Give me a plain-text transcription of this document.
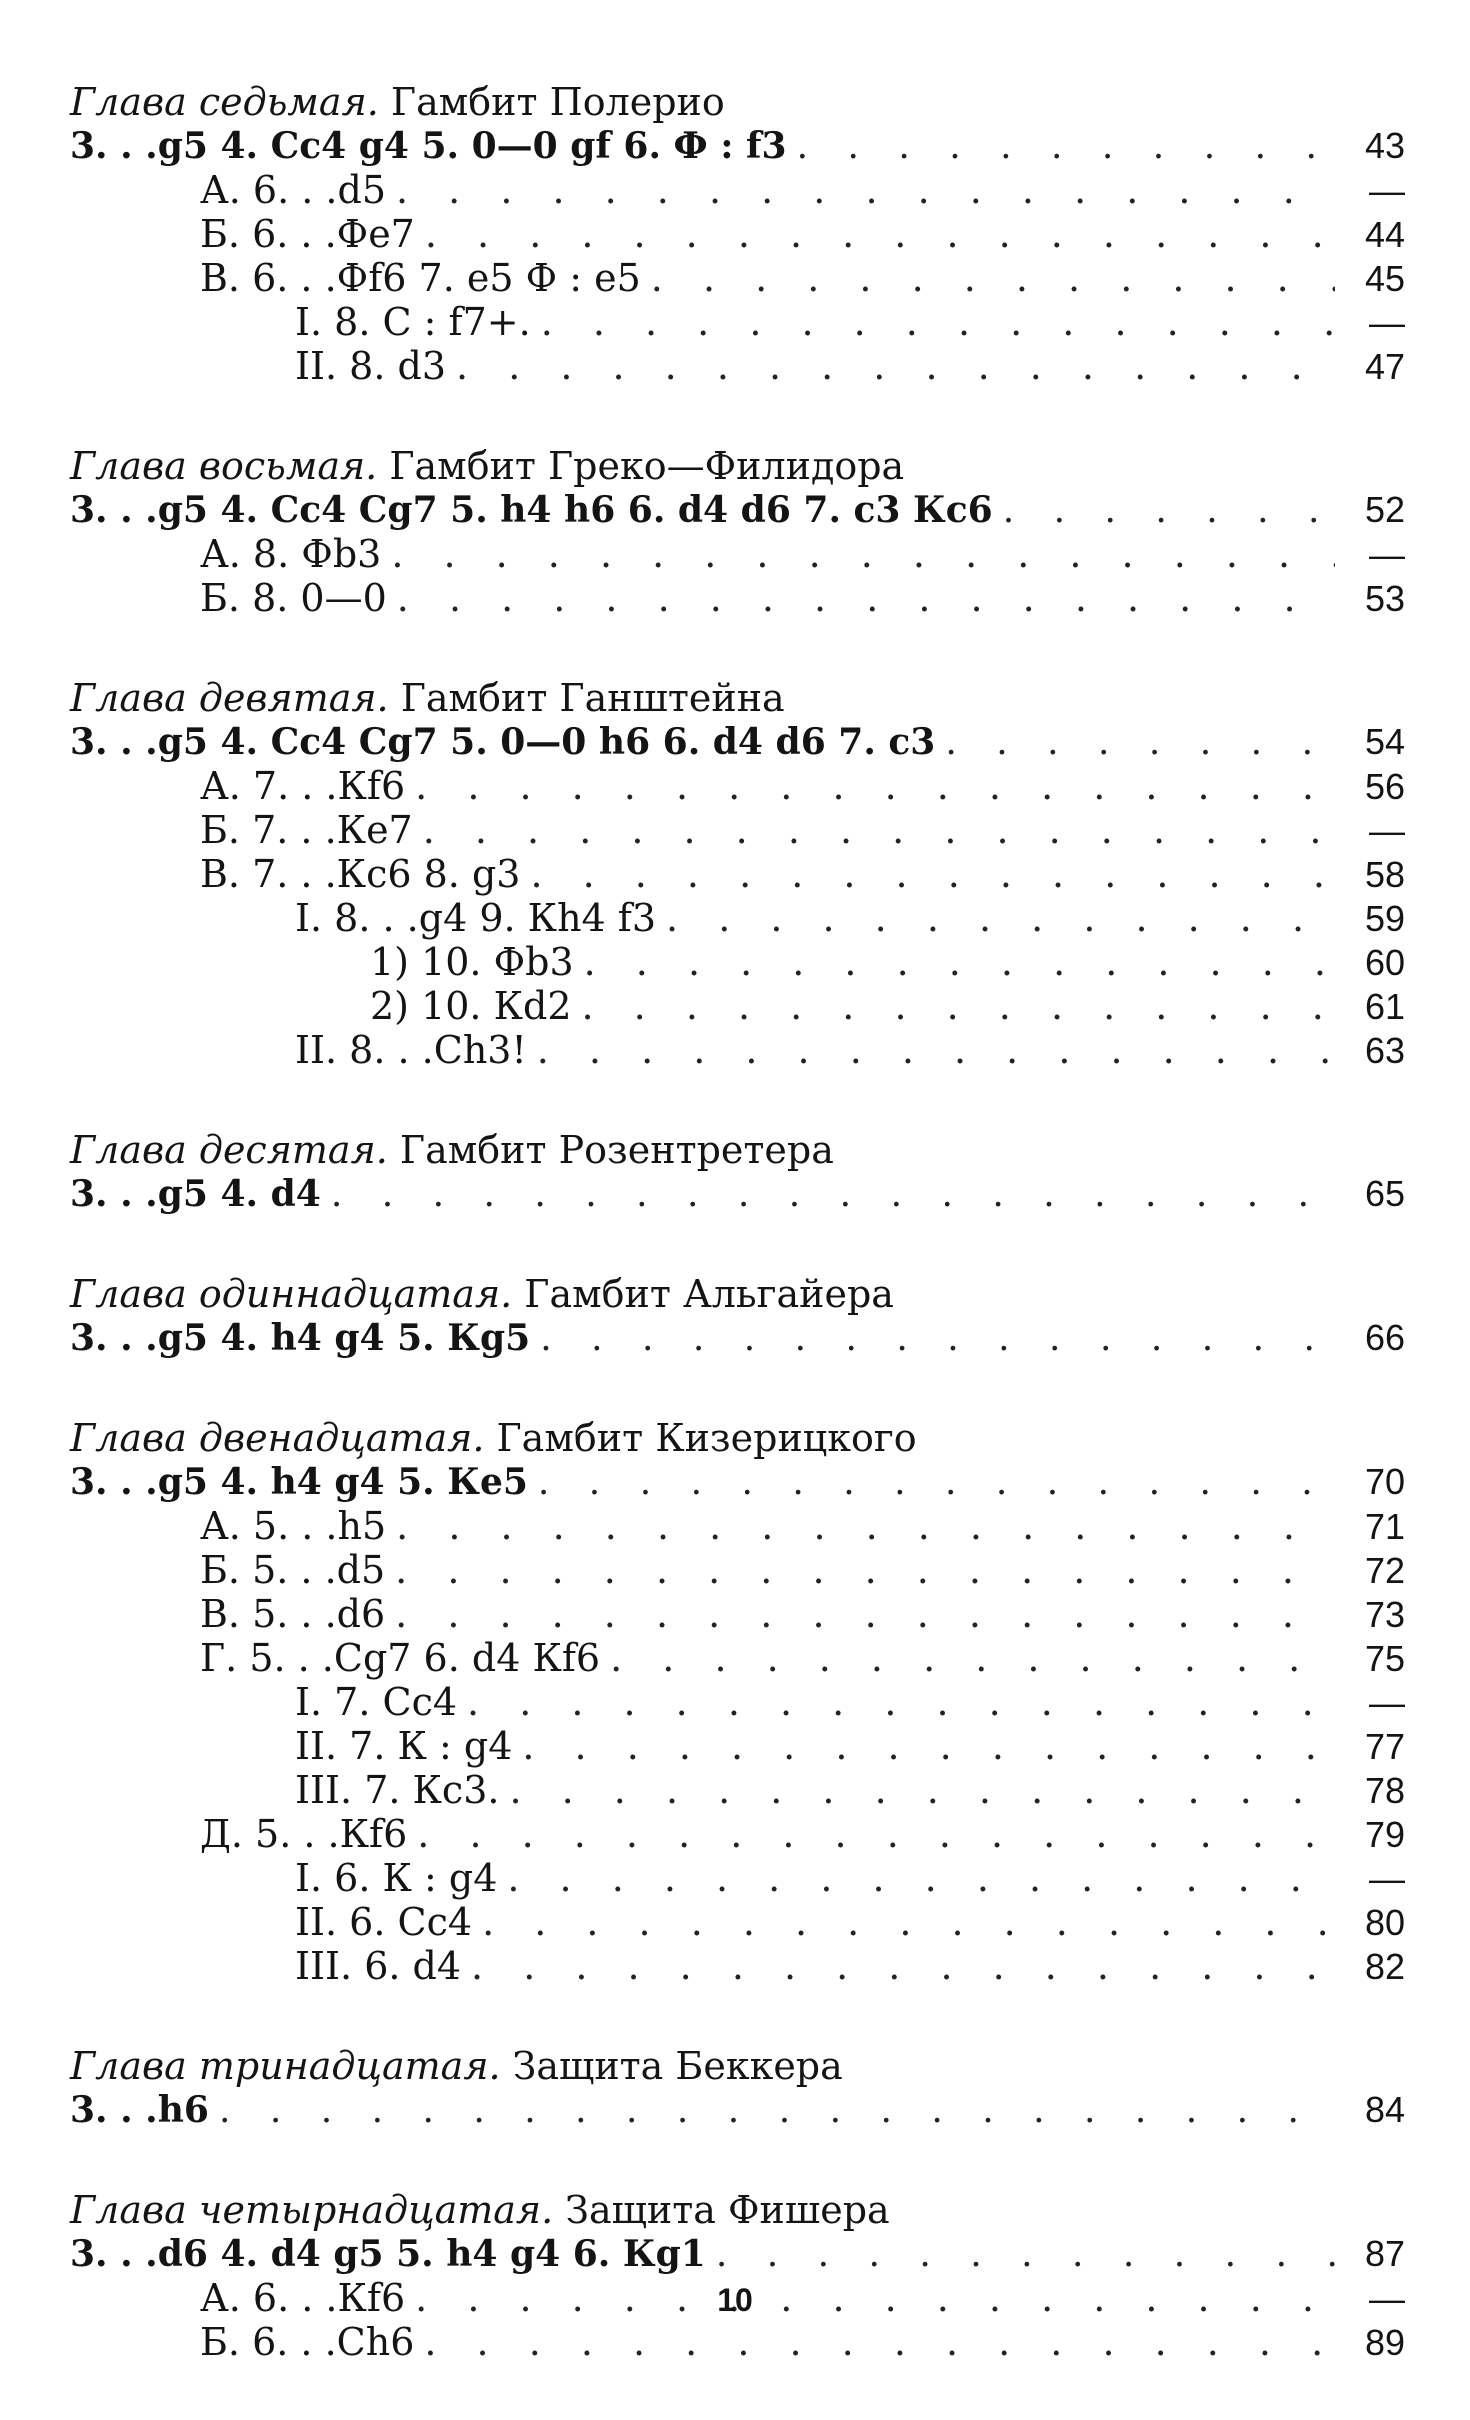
Глава седьмая. Гамбит Полерио
3. . .g5 4. Сс4 g4 5. 0—0 gf 6. Ф : f3 . . .	43
А. 6. . .d5 . . .	—
Б. 6. . .Фе7 . . .	44
В. 6. . .Фf6 7. е5 Ф : е5 . . .	45
I. 8. С : f7+. . . .	—
II. 8. d3 . . .	47
Глава восьмая. Гамбит Греко—Филидора
3. . .g5 4. Сс4 Сg7 5. h4 h6 6. d4 d6 7. с3 Кс6 . . .	52
А. 8. Фb3 . . .	—
Б. 8. 0—0 . . .	53
Глава девятая. Гамбит Ганштейна
3. . .g5 4. Сс4 Сg7 5. 0—0 h6 6. d4 d6 7. с3 . . .	54
А. 7. . .Кf6 . . .	56
Б. 7. . .Ке7 . . .	—
В. 7. . .Кс6 8. g3 . . .	58
I. 8. . .g4 9. Кh4 f3 . . .	59
1) 10. Фb3 . . .	60
2) 10. Кd2 . . .	61
II. 8. . .Сh3! . . .	63
Глава десятая. Гамбит Розентретера
3. . .g5 4. d4 . . .	65
Глава одиннадцатая. Гамбит Альгайера
3. . .g5 4. h4 g4 5. Кg5 . . .	66
Глава двенадцатая. Гамбит Кизерицкого
3. . .g5 4. h4 g4 5. Ке5 . . .	70
А. 5. . .h5 . . .	71
Б. 5. . .d5 . . .	72
В. 5. . .d6 . . .	73
Г. 5. . .Сg7 6. d4 Кf6 . . .	75
I. 7. Сс4 . . .	—
II. 7. К : g4 . . .	77
III. 7. Кс3. . . .	78
Д. 5. . .Кf6 . . .	79
I. 6. К : g4 . . .	—
II. 6. Сс4 . . .	80
III. 6. d4 . . .	82
Глава тринадцатая. Защита Беккера
3. . .h6 . . .	84
Глава четырнадцатая. Защита Фишера
3. . .d6 4. d4 g5 5. h4 g4 6. Кg1 . . .	87
А. 6. . .Кf6 . . .	—
Б. 6. . .Сh6 . . .	89
10
